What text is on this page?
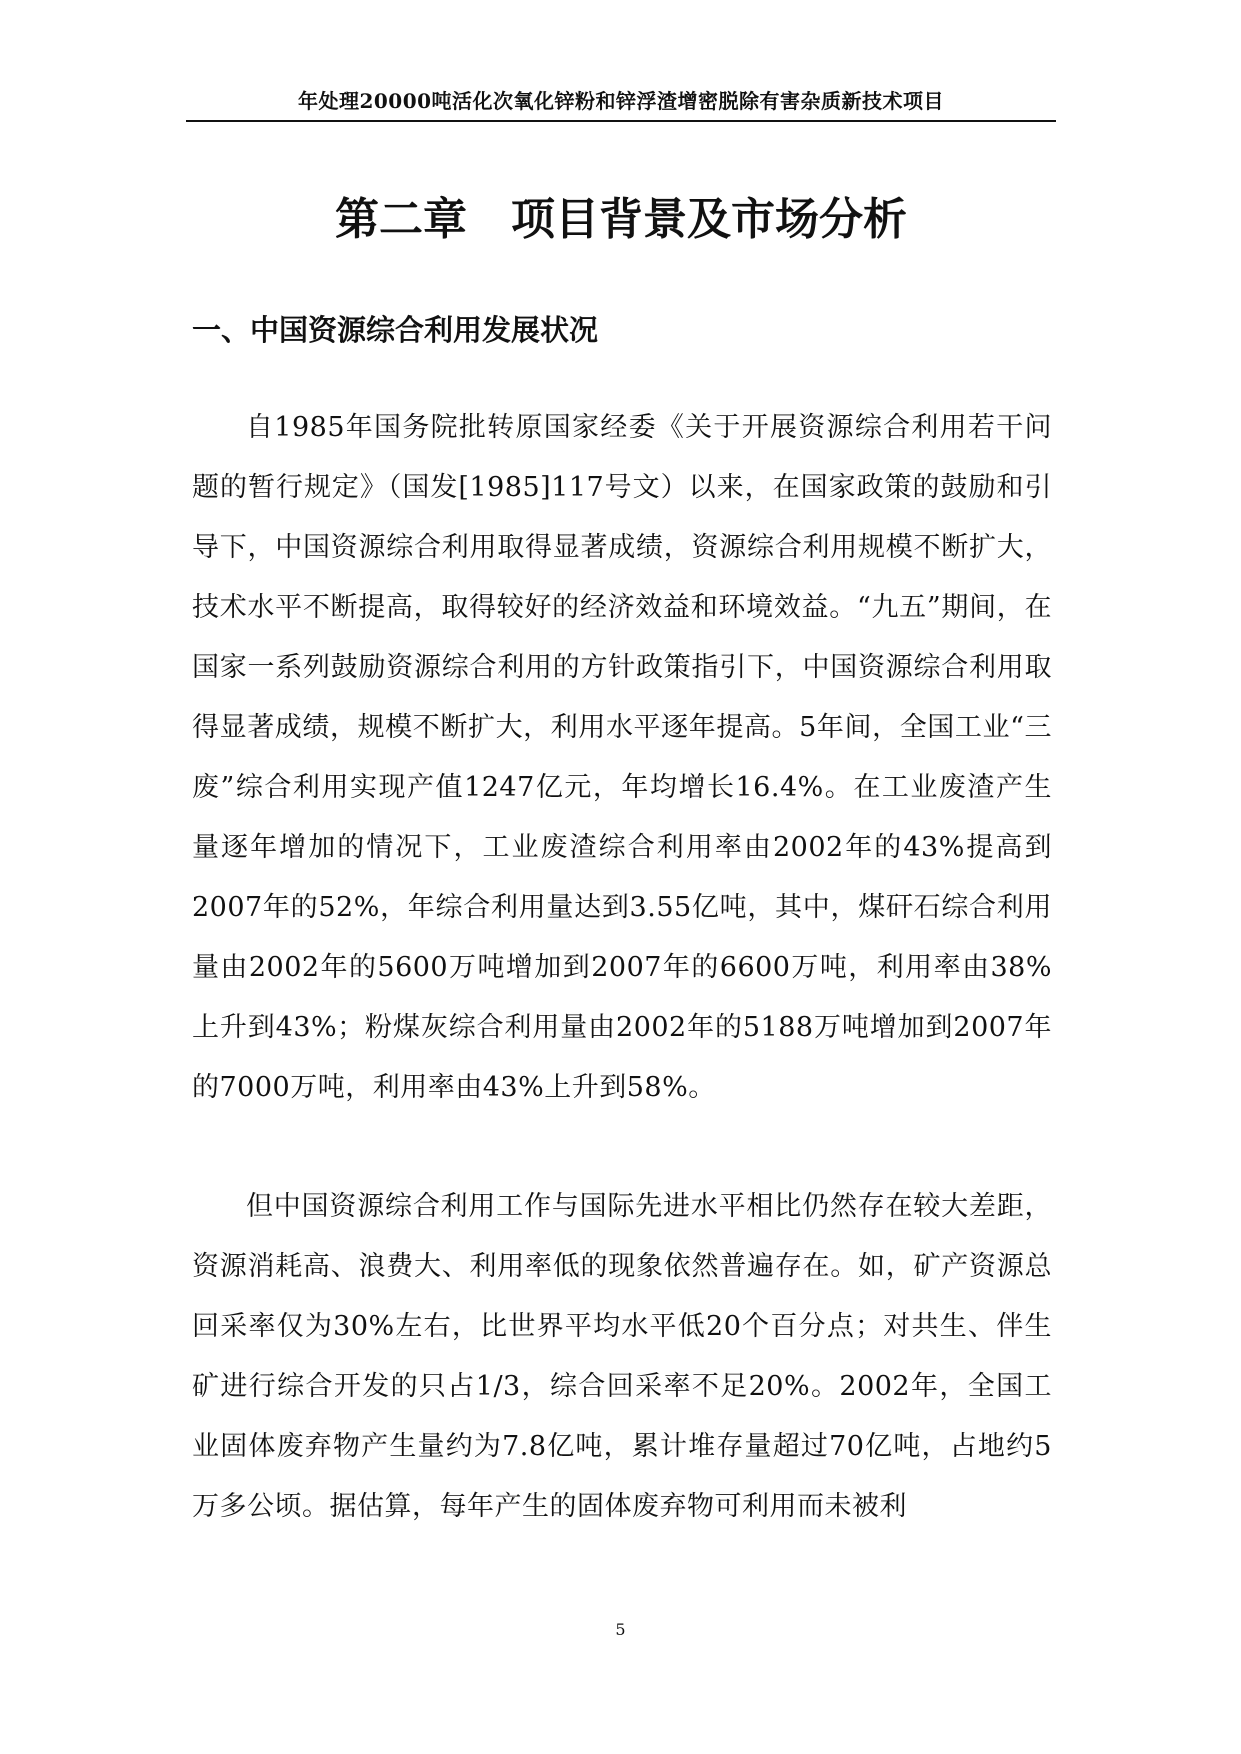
年处理20000吨活化次氧化锌粉和锌浮渣增密脱除有害杂质新技术项目
第二章　项目背景及市场分析
一、中国资源综合利用发展状况

自1985年国务院批转原国家经委《关于开展资源综合利用若干问题的暂行规定》（国发[1985]117号文）以来，在国家政策的鼓励和引导下，中国资源综合利用取得显著成绩，资源综合利用规模不断扩大，技术水平不断提高，取得较好的经济效益和环境效益。“九五”期间，在国家一系列鼓励资源综合利用的方针政策指引下，中国资源综合利用取得显著成绩，规模不断扩大，利用水平逐年提高。5年间，全国工业“三废”综合利用实现产值1247亿元，年均增长16.4%。在工业废渣产生量逐年增加的情况下，工业废渣综合利用率由2002年的43%提高到2007年的52%，年综合利用量达到3.55亿吨，其中，煤矸石综合利用量由2002年的5600万吨增加到2007年的6600万吨，利用率由38%上升到43%；粉煤灰综合利用量由2002年的5188万吨增加到2007年的7000万吨，利用率由43%上升到58%。

但中国资源综合利用工作与国际先进水平相比仍然存在较大差距，资源消耗高、浪费大、利用率低的现象依然普遍存在。如，矿产资源总回采率仅为30%左右，比世界平均水平低20个百分点；对共生、伴生矿进行综合开发的只占1/3，综合回采率不足20%。2002年，全国工业固体废弃物产生量约为7.8亿吨，累计堆存量超过70亿吨，占地约5万多公顷。据估算，每年产生的固体废弃物可利用而未被利

5
